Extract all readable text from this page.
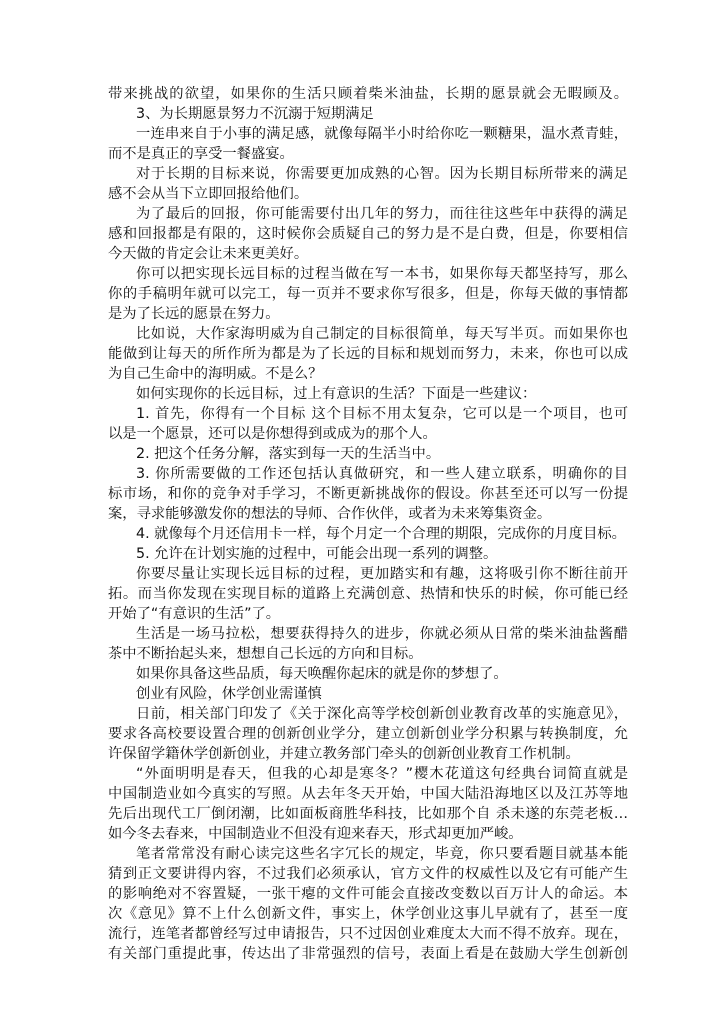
带来挑战的欲望，如果你的生活只顾着柴米油盐，长期的愿景就会无暇顾及。

3、为长期愿景努力不沉溺于短期满足

一连串来自于小事的满足感，就像每隔半小时给你吃一颗糖果，温水煮青蛙，

而不是真正的享受一餐盛宴。

对于长期的目标来说，你需要更加成熟的心智。因为长期目标所带来的满足

感不会从当下立即回报给他们。

为了最后的回报，你可能需要付出几年的努力，而往往这些年中获得的满足

感和回报都是有限的，这时候你会质疑自己的努力是不是白费，但是，你要相信

今天做的肯定会让未来更美好。

你可以把实现长远目标的过程当做在写一本书，如果你每天都坚持写，那么

你的手稿明年就可以完工，每一页并不要求你写很多，但是，你每天做的事情都

是为了长远的愿景在努力。

比如说，大作家海明威为自己制定的目标很简单，每天写半页。而如果你也

能做到让每天的所作所为都是为了长远的目标和规划而努力，未来，你也可以成

为自己生命中的海明威。不是么？

如何实现你的长远目标，过上有意识的生活？下面是一些建议：

1. 首先，你得有一个目标 这个目标不用太复杂，它可以是一个项目，也可

以是一个愿景，还可以是你想得到或成为的那个人。

2. 把这个任务分解，落实到每一天的生活当中。

3. 你所需要做的工作还包括认真做研究，和一些人建立联系，明确你的目

标市场，和你的竞争对手学习，不断更新挑战你的假设。你甚至还可以写一份提

案，寻求能够激发你的想法的导师、合作伙伴，或者为未来筹集资金。

4. 就像每个月还信用卡一样，每个月定一个合理的期限，完成你的月度目标。

5. 允许在计划实施的过程中，可能会出现一系列的调整。

你要尽量让实现长远目标的过程，更加踏实和有趣，这将吸引你不断往前开

拓。而当你发现在实现目标的道路上充满创意、热情和快乐的时候，你可能已经

开始了“有意识的生活”了。

生活是一场马拉松，想要获得持久的进步，你就必须从日常的柴米油盐酱醋

茶中不断抬起头来，想想自己长远的方向和目标。

如果你具备这些品质，每天唤醒你起床的就是你的梦想了。

创业有风险，休学创业需谨慎

日前，相关部门印发了《关于深化高等学校创新创业教育改革的实施意见》，

要求各高校要设置合理的创新创业学分，建立创新创业学分积累与转换制度，允

许保留学籍休学创新创业，并建立教务部门牵头的创新创业教育工作机制。

“外面明明是春天，但我的心却是寒冬？”樱木花道这句经典台词简直就是

中国制造业如今真实的写照。从去年冬天开始，中国大陆沿海地区以及江苏等地

先后出现代工厂倒闭潮，比如面板商胜华科技，比如那个自 杀未遂的东莞老板…

如今冬去春来，中国制造业不但没有迎来春天，形式却更加严峻。

笔者常常没有耐心读完这些名字冗长的规定，毕竟，你只要看题目就基本能

猜到正文要讲得内容，不过我们必须承认，官方文件的权威性以及它有可能产生

的影响绝对不容置疑，一张干瘪的文件可能会直接改变数以百万计人的命运。本

次《意见》算不上什么创新文件，事实上，休学创业这事儿早就有了，甚至一度

流行，连笔者都曾经写过申请报告，只不过因创业难度太大而不得不放弃。现在，

有关部门重提此事，传达出了非常强烈的信号，表面上看是在鼓励大学生创新创
